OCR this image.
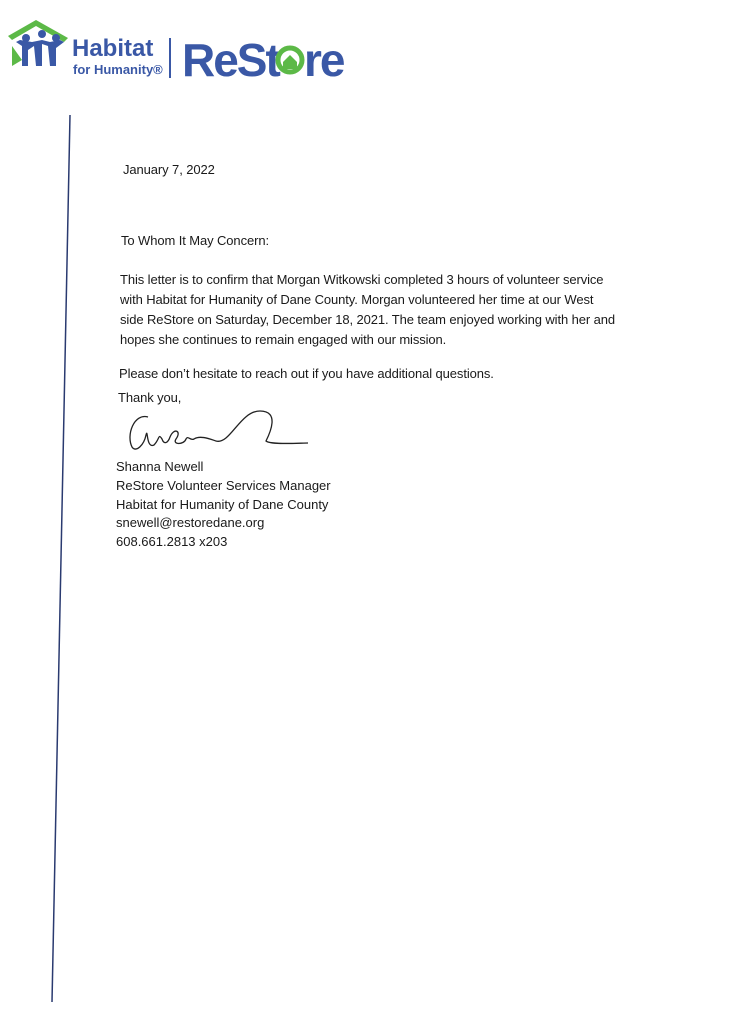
Habitat
for Humanity® ReSt re
January 7, 2022
To Whom It May Concern:
This letter is to confirm that Morgan Witkowski completed 3 hours of volunteer service
with Habitat for Humanity of Dane County. Morgan volunteered her time at our West
side ReStore on Saturday, December 18, 2021. The team enjoyed working with her and
hopes she continues to remain engaged with our mission.
Please don’t hesitate to reach out if you have additional questions.
Thank you,
Shanna Newell
ReStore Volunteer Services Manager
Habitat for Humanity of Dane County
snewell@restoredane.org
608.661.2813 x203
